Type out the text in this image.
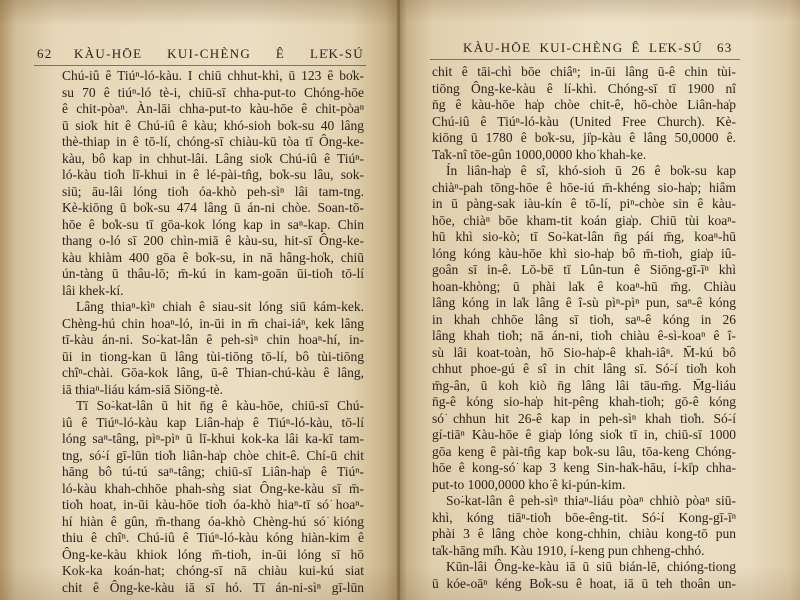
62 KÀU-HŌE KUI-CHÈNG Ê LE̍K-SÚ
Chú-iû ê Tiúⁿ-ló-kàu. I chiū chhut-khì, ū 123 ê bo̍k-
su 70 ê tiúⁿ-ló tè-i, chiū-sī chha-put-to Chóng-hōe
ê chit-pòaⁿ. Àn-lāi chha-put-to kàu-hōe ê chit-pòaⁿ
ū sio̍k hit ê Chú-iû ê kàu; khó-sioh bo̍k-su 40 lâng
thè-thiap in ê tō-lí, chóng-sī chiàu-kū tòa tī Ông-ke-
kàu, bô kap in chhut-lâi. Lâng sio̍k Chú-iû ê Tiúⁿ-
ló-kàu tio̍h lī-khui in ê lé-pài-tn̂g, bo̍k-su lâu, sok-
siū; āu-lâi lóng tio̍h óa-khò peh-sìⁿ lâi tam-tng.
Kè-kiōng ū bo̍k-su 474 lâng ū án-ni chòe. Soan-tō-
hōe ê bo̍k-su tī gōa-kok lóng kap in saⁿ-kap. Chin
thang o-ló sī 200 chìn-miā ê kàu-su, hit-sī Ông-ke-
kàu khiàm 400 gōa ê bo̍k-su, in nā hâng-ho̍k, chiū
ún-tàng ū thâu-lō; m̄-kú in kam-goān ūi-tio̍h tō-lí
lâi khek-kí.
Lâng thiaⁿ-kìⁿ chiah ê siau-sit lóng siū kám-kek.
Chèng-hú chin hoaⁿ-ló, in-ūi in m̄ chai-iáⁿ, kek lâng
tī-kàu án-ni. So͘-kat-lân ê peh-sìⁿ chin hoaⁿ-hí, in-
ūi in tiong-kan ū lâng tùi-tiōng tō-lí, bô tùi-tiōng
chîⁿ-chài. Gōa-kok lâng, ū-ê Thian-chú-kàu ê lâng,
iā thiaⁿ-liáu kám-siā Siōng-tè.
Tī So͘-kat-lân ū hit n̄g ê kàu-hōe, chiū-sī Chú-
iû ê Tiúⁿ-ló-kàu kap Liân-ha̍p ê Tiúⁿ-ló-kàu, tō-lí
lóng saⁿ-tâng, pìⁿ-pìⁿ ū lī-khui kok-ka lâi ka-kī tam-
tng, só͘-í gī-lūn tio̍h liân-ha̍p chòe chit-ê. Chí-ū chit
hāng bô tú-tú saⁿ-tâng; chiū-sī Liân-ha̍p ê Tiúⁿ-
ló-kàu khah-chhōe phah-sǹg siat Ông-ke-kàu sī m̄-
tio̍h hoat, in-ūi kàu-hōe tio̍h óa-khò hiaⁿ-tī só͘ hoaⁿ-
hí hiàn ê gûn, m̄-thang óa-khò Chèng-hú só͘ kióng
thiu ê chîⁿ. Chú-iû ê Tiúⁿ-ló-kàu kóng hiàn-kim ê
Ông-ke-kàu khiok lóng m̄-tio̍h, in-ūi lóng sī hō
Kok-ka koán-hat; chóng-sī nā chiàu kui-kú siat
chit ê Ông-ke-kàu iā sī hó. Tī án-ni-sìⁿ gī-lūn
KÀU-HŌE KUI-CHÈNG Ê LE̍K-SÚ 63
chit ê tāi-chì bōe chiâⁿ; in-ūi lâng ū-ê chin tùi-
tiōng Ông-ke-kàu ê lí-khì. Chóng-sī tī 1900 nî
n̄g ê kàu-hōe ha̍p chòe chit-ê, hō-chòe Liân-ha̍p
Chú-iû ê Tiúⁿ-ló-kàu (United Free Church). Kè-
kiōng ū 1780 ê bo̍k-su, ji̍p-kàu ê lâng 50,0000 ê.
Ta̍k-nî tōe-gûn 1000,0000 kho͘ khah-ke.
Ín liân-ha̍p ê sî, khó-sioh ū 26 ê bo̍k-su kap
chiàⁿ-pah tōng-hōe ê hōe-iú m̄-khéng sio-ha̍p; hiâm
in ū pàng-sak iàu-kín ê tō-lí, piⁿ-chòe sin ê kàu-
hōe, chiàⁿ bōe kham-tit koán gia̍p. Chiū tùi koaⁿ-
hū khì sio-kò; tī So͘-kat-lân n̄g pái m̄g, koaⁿ-hū
lóng kóng kàu-hōe khì sio-ha̍p bô m̄-tio̍h, gia̍p iû-
goân sī in-ê. Lō-bē tī Lûn-tun ê Siōng-gī-īⁿ khì
hoan-khòng; ū phài la̍k ê koaⁿ-hū m̄g. Chiàu
lâng kóng in la̍k lâng ê î-sù pìⁿ-pìⁿ pun, saⁿ-ê kóng
in khah chhōe lâng sī tio̍h, saⁿ-ê kóng in 26
lâng khah tio̍h; nā án-ni, tio̍h chiàu ê-sì-koaⁿ ê î-
sù lâi koat-toàn, hō Sio-ha̍p-ê khah-iâⁿ. M̄-kú bô
chhut phoe-gú ê sî in chit lâng sī. Só͘-í tio̍h koh
m̄g-ân, ū koh kiò n̄g lâng lâi tāu-m̄g. M̄g-liáu
n̄g-ê kóng sio-ha̍p hit-pêng khah-tio̍h; gō-ê kóng
só͘ chhun hit 26-ê kap in peh-sìⁿ khah tio̍h. Só͘-í
gí-tiāⁿ Kàu-hōe ê gia̍p lóng sio̍k tī in, chiū-sī 1000
gōa keng ê pài-tn̂g kap bo̍k-su lâu, tōa-keng Chóng-
hōe ê kong-só͘ kap 3 keng Sin-ha̍k-hāu, í-ki̍p chha-
put-to 1000,0000 kho͘ ê ki-pún-kim.
So͘-kat-lân ê peh-sìⁿ thiaⁿ-liáu pòaⁿ chhiò pòaⁿ siū-
khì, kóng tiāⁿ-tio̍h bōe-êng-tit. Só͘-í Kong-gī-īⁿ
phài 3 ê lâng chòe kong-chhin, chiàu kong-tō pun
ta̍k-hāng mi̍h. Kàu 1910, í-keng pun chheng-chhó.
Kūn-lâi Ông-ke-kàu iā ū siū bián-lē, chióng-tiong
ū kóe-oāⁿ kéng Bo̍k-su ê hoat, iā ū teh thoân un-
